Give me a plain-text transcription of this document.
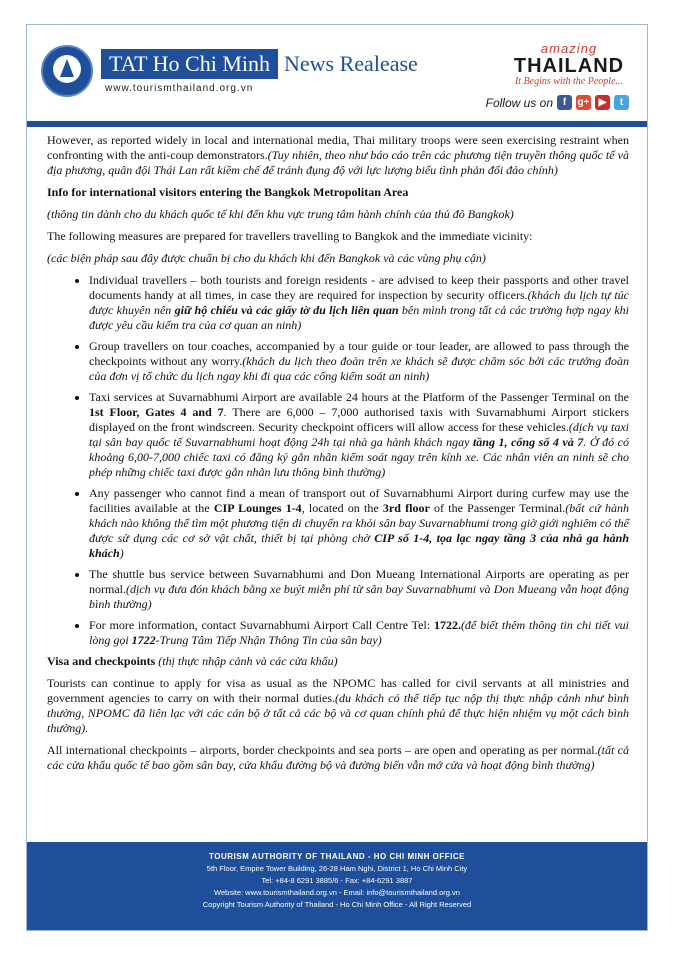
TAT Ho Chi Minh News Realease
www.tourismthailand.org.vn
amazing
THAILAND
It Begins with the People...
Follow us on f	g+ ▶	t

However, as reported widely in local and international media, Thai military troops were seen exercising restraint when confronting with the anti-coup demonstrators.(Tuy nhiên, theo như báo cáo trên các phương tiện truyền thông quốc tế và địa phương, quân đội Thái Lan rất kiềm chế để tránh đụng độ với lực lượng biểu tình phản đối đảo chính)

Info for international visitors entering the Bangkok Metropolitan Area

(thông tin dành cho du khách quốc tế khi đến khu vực trung tâm hành chính của thủ đô Bangkok)

The following measures are prepared for travellers travelling to Bangkok and the immediate vicinity:

(các biện pháp sau đây được chuẩn bị cho du khách khi đến Bangkok và các vùng phụ cận)

• Individual travellers – both tourists and foreign residents - are advised to keep their passports and other travel documents handy at all times, in case they are required for inspection by security officers.(khách du lịch tự túc được khuyên nên giữ hộ chiếu và các giấy tờ du lịch liên quan bên mình trong tất cả các trường hợp ngay khi được yêu cầu kiểm tra của cơ quan an ninh)
• Group travellers on tour coaches, accompanied by a tour guide or tour leader, are allowed to pass through the checkpoints without any worry.(khách du lịch theo đoàn trên xe khách sẽ được chăm sóc bởi các trưởng đoàn của đơn vị tổ chức du lịch ngay khi đi qua các cổng kiểm soát an ninh)
• Taxi services at Suvarnabhumi Airport are available 24 hours at the Platform of the Passenger Terminal on the 1st Floor, Gates 4 and 7. There are 6,000 – 7,000 authorised taxis with Suvarnabhumi Airport stickers displayed on the front windscreen. Security checkpoint officers will allow access for these vehicles.(dịch vụ taxi tại sân bay quốc tế Suvarnabhumi hoạt động 24h tại nhà ga hành khách ngay tầng 1, cổng số 4 và 7. Ở đó có khoảng 6,00-7,000 chiếc taxi có đăng ký gắn nhãn kiểm soát ngay trên kính xe. Các nhân viên an ninh sẽ cho phép những chiếc taxi được gắn nhãn lưu thông bình thường)
• Any passenger who cannot find a mean of transport out of Suvarnabhumi Airport during curfew may use the facilities available at the CIP Lounges 1-4, located on the 3rd floor of the Passenger Terminal.(bất cứ hành khách nào không thể tìm một phương tiện di chuyển ra khỏi sân bay Suvarnabhumi trong giờ giới nghiêm có thể được sử dụng các cơ sở vật chất, thiết bị tại phòng chờ CIP số 1-4, tọa lạc ngay tầng 3 của nhà ga hành khách)
• The shuttle bus service between Suvarnabhumi and Don Mueang International Airports are operating as per normal.(dịch vụ đưa đón khách bằng xe buýt miễn phí từ sân bay Suvarnabhumi và Don Mueang vẫn hoạt động bình thường)
• For more information, contact Suvarnabhumi Airport Call Centre Tel: 1722.(để biết thêm thông tin chi tiết vui lòng gọi 1722-Trung Tâm Tiếp Nhận Thông Tin của sân bay)

Visa and checkpoints (thị thực nhập cảnh và các cửa khẩu)

Tourists can continue to apply for visa as usual as the NPOMC has called for civil servants at all ministries and government agencies to carry on with their normal duties.(du khách có thể tiếp tục nộp thị thực nhập cảnh như bình thường, NPOMC đã liên lạc với các cán bộ ở tất cả các bộ và cơ quan chính phủ để thực hiện nhiệm vụ một cách bình thường).

All international checkpoints – airports, border checkpoints and sea ports – are open and operating as per normal.(tất cả các cửa khẩu quốc tế bao gồm sân bay, cửa khẩu đường bộ và đường biển vẫn mở cửa và hoạt động bình thường)

TOURISM AUTHORITY OF THAILAND - HO CHI MINH OFFICE
5th Floor, Empire Tower Building, 26-28 Ham Nghi, District 1, Ho Chi Minh City
Tel: +84-8 6291 3885/6 - Fax: +84-6291 3887
Website: www.tourismthailand.org.vn - Email: info@tourismthailand.org.vn
Copyright Tourism Authority of Thailand - Ho Chi Minh Office - All Right Reserved
